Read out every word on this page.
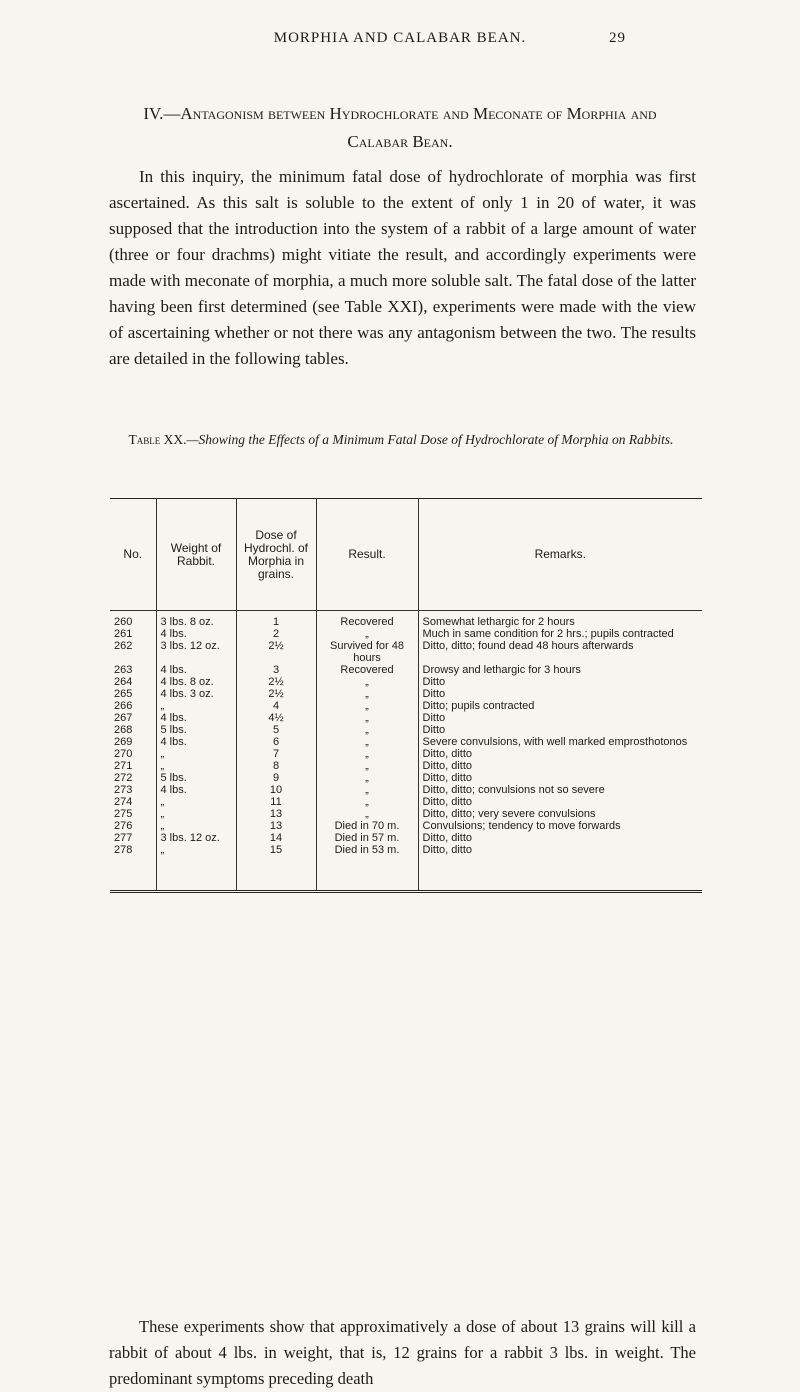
MORPHIA AND CALABAR BEAN.	29
IV.—Antagonism between Hydrochlorate and Meconate of Morphia and Calabar Bean.

In this inquiry, the minimum fatal dose of hydrochlorate of morphia was first ascertained. As this salt is soluble to the extent of only 1 in 20 of water, it was supposed that the introduction into the system of a rabbit of a large amount of water (three or four drachms) might vitiate the result, and accordingly experiments were made with meconate of morphia, a much more soluble salt. The fatal dose of the latter having been first determined (see Table XXI), experiments were made with the view of ascertaining whether or not there was any antagonism between the two. The results are detailed in the following tables.

Table XX.—Showing the Effects of a Minimum Fatal Dose of Hydrochlorate of Morphia on Rabbits.
No.	Weight of Rabbit.	Dose of Hydrochl. of Morphia in grains.	Result.	Remarks.
260	3 lbs. 8 oz.	1	Recovered	Somewhat lethargic for 2 hours
261	4 lbs.	2	„	Much in same condition for 2 hrs.; pupils contracted
262	3 lbs. 12 oz.	2½	Survived for 48 hours	Ditto, ditto; found dead 48 hours afterwards
263	4 lbs.	3	Recovered	Drowsy and lethargic for 3 hours
264	4 lbs. 8 oz.	2½	„	Ditto
265	4 lbs. 3 oz.	2½	„	Ditto
266	„	4	„	Ditto; pupils contracted
267	4 lbs.	4½	„	Ditto
268	5 lbs.	5	„	Ditto
269	4 lbs.	6	„	Severe convulsions, with well marked emprosthotonos
270	„	7	„	Ditto, ditto
271	„	8	„	Ditto, ditto
272	5 lbs.	9	„	Ditto, ditto
273	4 lbs.	10	„	Ditto, ditto; convulsions not so severe
274	„	11	„	Ditto, ditto
275	„	13	„	Ditto, ditto; very severe convulsions
276	„	13	Died in 70 m.	Convulsions; tendency to move forwards
277	3 lbs. 12 oz.	14	Died in 57 m.	Ditto, ditto
278	„	15	Died in 53 m.	Ditto, ditto

These experiments show that approximatively a dose of about 13 grains will kill a rabbit of about 4 lbs. in weight, that is, 12 grains for a rabbit 3 lbs. in weight. The predominant symptoms preceding death
